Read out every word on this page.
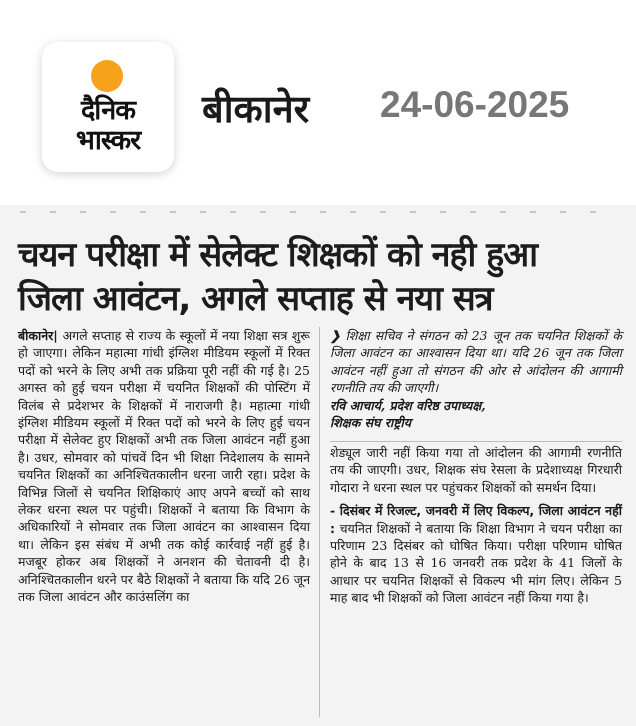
दैनिक
भास्कर
बीकानेर 24-06-2025
चयन परीक्षा में सेलेक्ट शिक्षकों को नही हुआ
जिला आवंटन, अगले सप्ताह से नया सत्र

बीकानेर| अगले सप्ताह से राज्य के स्कूलों में नया शिक्षा सत्र शुरू हो जाएगा। लेकिन महात्मा गांधी इंग्लिश मीडियम स्कूलों में रिक्त पदों को भरने के लिए अभी तक प्रक्रिया पूरी नहीं की गई है। 25 अगस्त को हुई चयन परीक्षा में चयनित शिक्षकों की पोस्टिंग में विलंब से प्रदेशभर के शिक्षकों में नाराजगी है। महात्मा गांधी इंग्लिश मीडियम स्कूलों में रिक्त पदों को भरने के लिए हुई चयन परीक्षा में सेलेक्ट हुए शिक्षकों अभी तक जिला आवंटन नहीं हुआ है। उधर, सोमवार को पांचवें दिन भी शिक्षा निदेशालय के सामने चयनित शिक्षकों का अनिश्चितकालीन धरना जारी रहा। प्रदेश के विभिन्न जिलों से चयनित शिक्षिकाएं आए अपने बच्चों को साथ लेकर धरना स्थल पर पहुंची। शिक्षकों ने बताया कि विभाग के अधिकारियों ने सोमवार तक जिला आवंटन का आश्वासन दिया था। लेकिन इस संबंध में अभी तक कोई कार्रवाई नहीं हुई है। मजबूर होकर अब शिक्षकों ने अनशन की चेतावनी दी है। अनिश्चितकालीन धरने पर बैठे शिक्षकों ने बताया कि यदि 26 जून तक जिला आवंटन और काउंसलिंग का

❯ शिक्षा सचिव ने संगठन को 23 जून तक चयनित शिक्षकों के जिला आवंटन का आश्वासन दिया था। यदि 26 जून तक जिला आवंटन नहीं हुआ तो संगठन की ओर से आंदोलन की आगामी रणनीति तय की जाएगी।

रवि आचार्य, प्रदेश वरिष्ठ उपाध्यक्ष,

शिक्षक संघ राष्ट्रीय

शेड्यूल जारी नहीं किया गया तो आंदोलन की आगामी रणनीति तय की जाएगी। उधर, शिक्षक संघ रेसला के प्रदेशाध्यक्ष गिरधारी गोदारा ने धरना स्थल पर पहुंचकर शिक्षकों को समर्थन दिया।

- दिसंबर में रिजल्ट, जनवरी में लिए विकल्प, जिला आवंटन नहीं : चयनित शिक्षकों ने बताया कि शिक्षा विभाग ने चयन परीक्षा का परिणाम 23 दिसंबर को घोषित किया। परीक्षा परिणाम घोषित होने के बाद 13 से 16 जनवरी तक प्रदेश के 41 जिलों के आधार पर चयनित शिक्षकों से विकल्प भी मांग लिए। लेकिन 5 माह बाद भी शिक्षकों को जिला आवंटन नहीं किया गया है।
